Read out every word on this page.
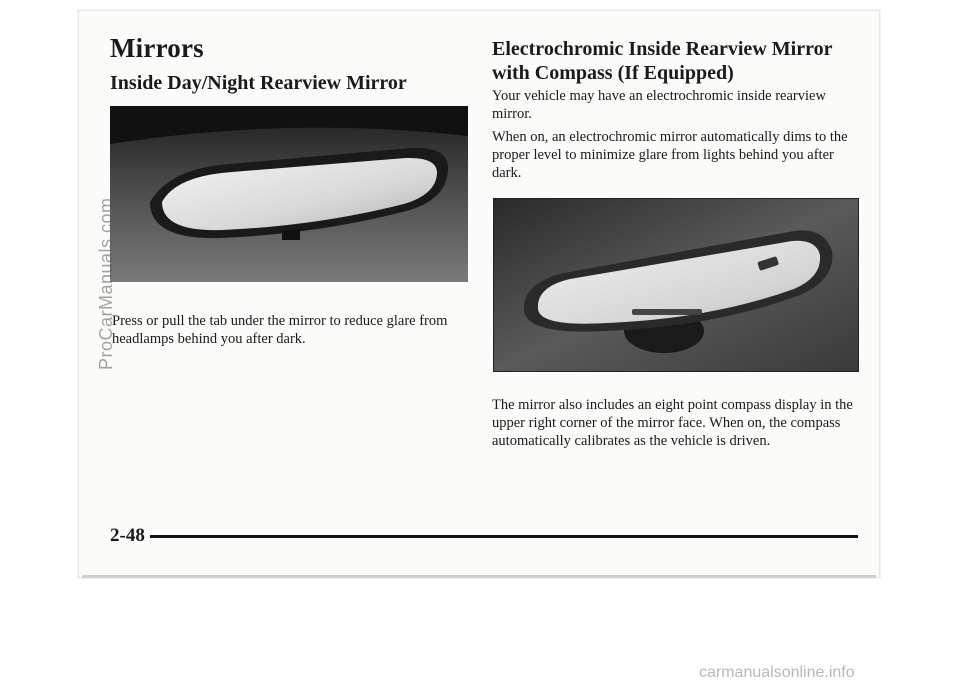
Mirrors
Inside Day/Night Rearview Mirror

Press or pull the tab under the mirror to reduce glare from headlamps behind you after dark.

Electrochromic Inside Rearview Mirror with Compass (If Equipped)

Your vehicle may have an electrochromic inside rearview mirror.

When on, an electrochromic mirror automatically dims to the proper level to minimize glare from lights behind you after dark.

The mirror also includes an eight point compass display in the upper right corner of the mirror face. When on, the compass automatically calibrates as the vehicle is driven.

2-48
ProCarManuals.com
carmanualsonline.info
